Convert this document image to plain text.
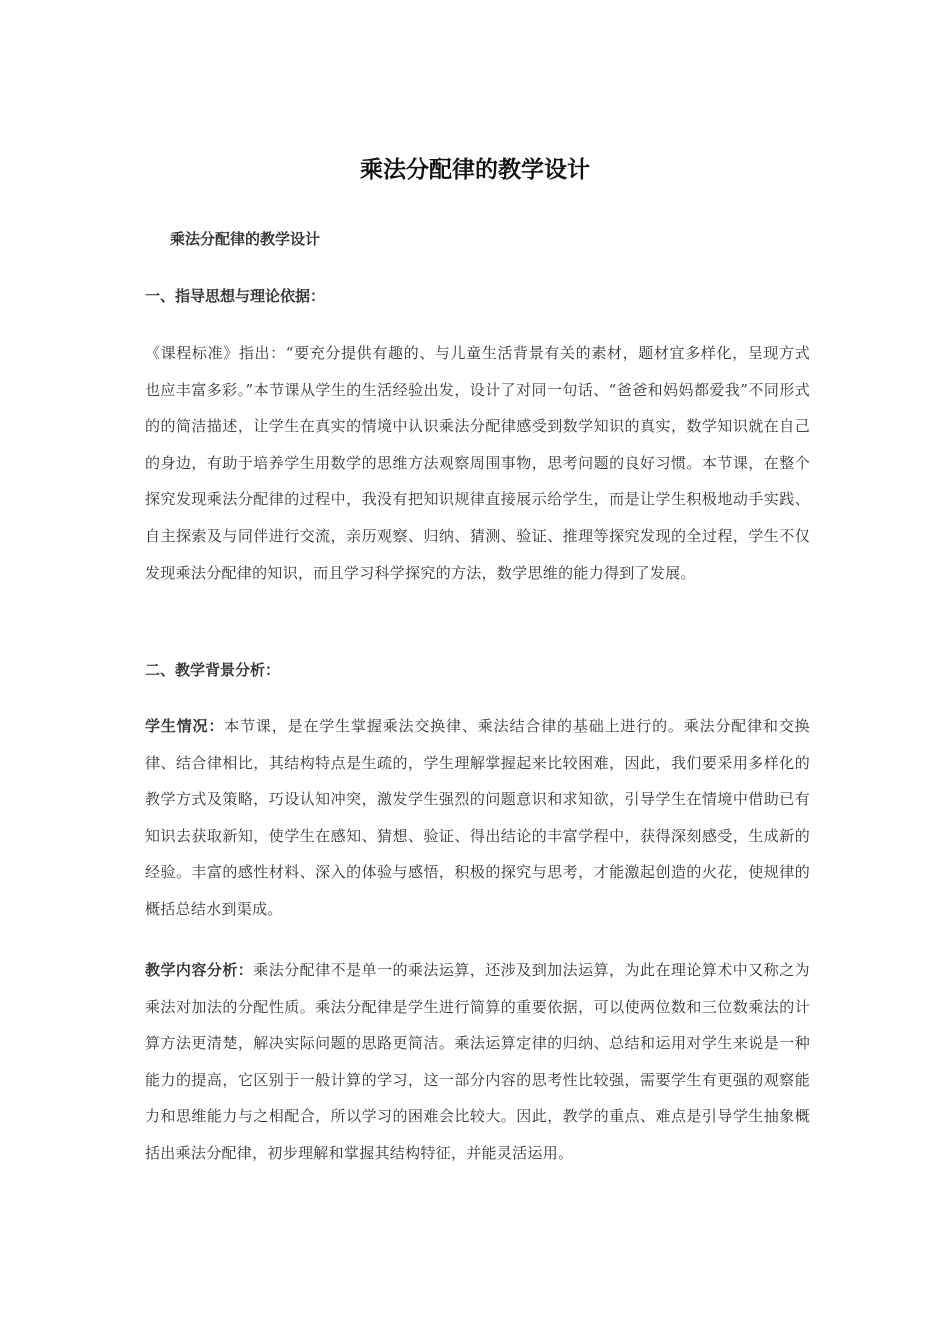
乘法分配律的教学设计

乘法分配律的教学设计

一、指导思想与理论依据：

《课程标准》指出：“要充分提供有趣的、与儿童生活背景有关的素材，题材宜多样化，呈现方式也应丰富多彩。”本节课从学生的生活经验出发，设计了对同一句话、“爸爸和妈妈都爱我”不同形式的的简洁描述，让学生在真实的情境中认识乘法分配律感受到数学知识的真实，数学知识就在自己的身边，有助于培养学生用数学的思维方法观察周围事物，思考问题的良好习惯。本节课，在整个探究发现乘法分配律的过程中，我没有把知识规律直接展示给学生，而是让学生积极地动手实践、自主探索及与同伴进行交流，亲历观察、归纳、猜测、验证、推理等探究发现的全过程，学生不仅发现乘法分配律的知识，而且学习科学探究的方法，数学思维的能力得到了发展。

二、教学背景分析：

学生情况：本节课，是在学生掌握乘法交换律、乘法结合律的基础上进行的。乘法分配律和交换律、结合律相比，其结构特点是生疏的，学生理解掌握起来比较困难，因此，我们要采用多样化的教学方式及策略，巧设认知冲突，激发学生强烈的问题意识和求知欲，引导学生在情境中借助已有知识去获取新知，使学生在感知、猜想、验证、得出结论的丰富学程中，获得深刻感受，生成新的经验。丰富的感性材料、深入的体验与感悟，积极的探究与思考，才能激起创造的火花，使规律的概括总结水到渠成。

教学内容分析：乘法分配律不是单一的乘法运算，还涉及到加法运算，为此在理论算术中又称之为乘法对加法的分配性质。乘法分配律是学生进行简算的重要依据，可以使两位数和三位数乘法的计算方法更清楚，解决实际问题的思路更简洁。乘法运算定律的归纳、总结和运用对学生来说是一种能力的提高，它区别于一般计算的学习，这一部分内容的思考性比较强，需要学生有更强的观察能力和思维能力与之相配合，所以学习的困难会比较大。因此，教学的重点、难点是引导学生抽象概括出乘法分配律，初步理解和掌握其结构特征，并能灵活运用。
